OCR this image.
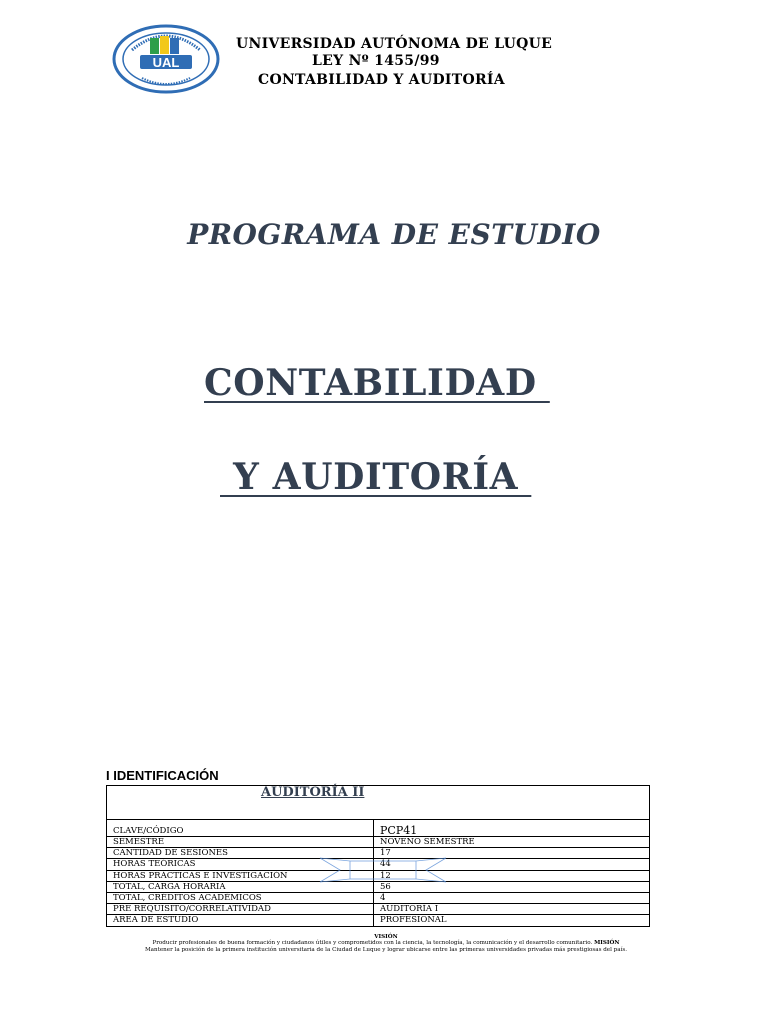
UAL
UNIVERSIDAD AUTÓNOMA DE LUQUE
LEY Nº 1455/99
CONTABILIDAD Y AUDITORÍA
PROGRAMA DE ESTUDIO
CONTABILIDAD
Y AUDITORÍA
I IDENTIFICACIÓN
AUDITORÍA II	
CLAVE/CÓDIGO	PCP41
SEMESTRE	NOVENO SEMESTRE
CANTIDAD DE SESIONES	17
HORAS TEÓRICAS	44
HORAS PRÁCTICAS E INVESTIGACIÓN	12
TOTAL, CARGA HORARIA	56
TOTAL, CRÉDITOS ACADÉMICOS	4
PRE REQUISITO/CORRELATIVIDAD	AUDITORÍA I
ÁREA DE ESTUDIO	PROFESIONAL
VISIÓN
Producir profesionales de buena formación y ciudadanos útiles y comprometidos con la ciencia, la tecnología, la comunicación y el desarrollo comunitario. MISIÓN
Mantener la posición de la primera institución universitaria de la Ciudad de Luque y lograr ubicarse entre las primeras universidades privadas más prestigiosas del país.
